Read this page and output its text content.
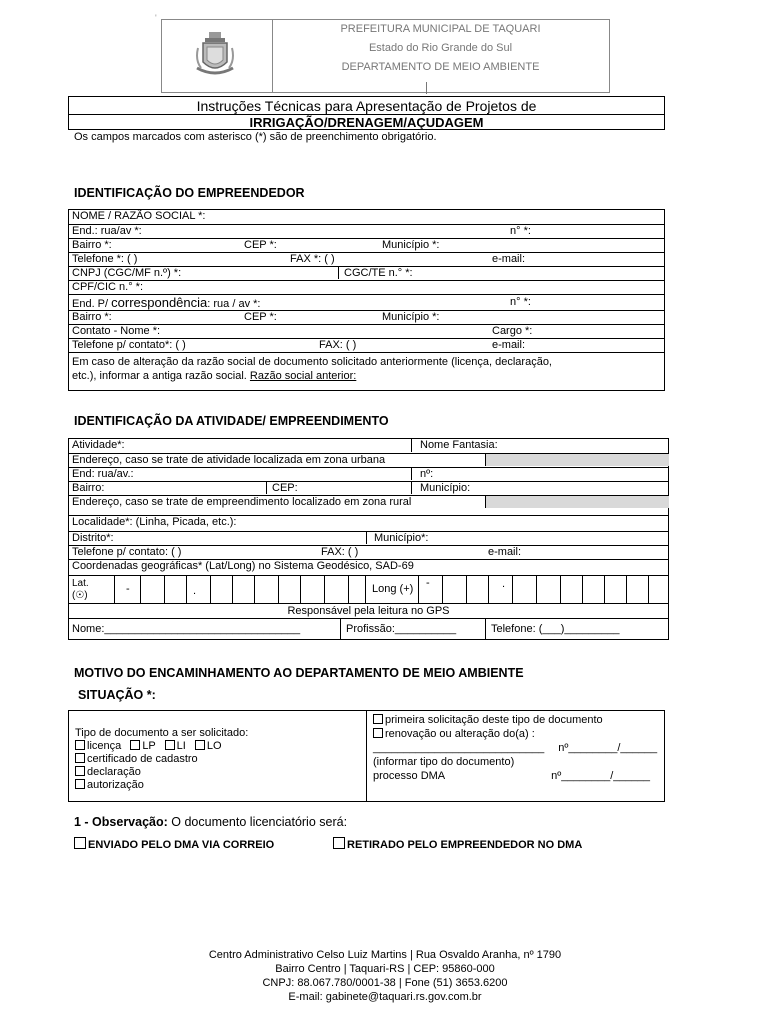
'
PREFEITURA MUNICIPAL DE TAQUARI
Estado do Rio Grande do Sul
DEPARTAMENTO DE MEIO AMBIENTE
Instruções Técnicas para Apresentação de Projetos de
IRRIGAÇÃO/DRENAGEM/AÇUDAGEM
Os campos marcados com asterisco (*) são de preenchimento obrigatório.
IDENTIFICAÇÃO DO EMPREENDEDOR
NOME / RAZÃO SOCIAL *:
End.: rua/av *:	n° *:
Bairro *:	CEP *:	Município *:
Telefone *: ( )	FAX *: ( )	e-mail:
CNPJ (CGC/MF n.º) *:	CGC/TE n.° *:
CPF/CIC n.° *:
End. P/ correspondência: rua / av *:	n° *:
Bairro *:	CEP *:	Município *:
Contato - Nome *:	Cargo *:
Telefone p/ contato*: ( )	FAX: ( )	e-mail:
Em caso de alteração da razão social de documento solicitado anteriormente (licença, declaração,
etc.), informar a antiga razão social. Razão social anterior:
IDENTIFICAÇÃO DA ATIVIDADE/ EMPREENDIMENTO
Atividade*:	Nome Fantasia:
Endereço, caso se trate de atividade localizada em zona urbana
End: rua/av.:	nº:
Bairro:	CEP:	Município:
Endereço, caso se trate de empreendimento localizado em zona rural
Localidade*: (Linha, Picada, etc.):
Distrito*:	Município*:
Telefone p/ contato: ( )	FAX: ( )	e-mail:
Coordenadas geográficas* (Lat/Long) no Sistema Geodésico, SAD-69
Lat.
(☉)
-	.	Long (+) -	.
Responsável pela leitura no GPS
Nome:________________________________	Profissão:__________	Telefone: (___)_________
MOTIVO DO ENCAMINHAMENTO AO DEPARTAMENTO DE MEIO AMBIENTE
SITUAÇÃO *:
Tipo de documento a ser solicitado:
licença LP LI LO
certificado de cadastro
declaração
autorização
primeira solicitação deste tipo de documento
renovação ou alteração do(a) :
____________________________ nº________/______
(informar tipo do documento)
processo DMA	nº________/______
1 - Observação: O documento licenciatório será:
ENVIADO PELO DMA VIA CORREIO	RETIRADO PELO EMPREENDEDOR NO DMA
Centro Administrativo Celso Luiz Martins | Rua Osvaldo Aranha, nº 1790
Bairro Centro | Taquari-RS | CEP: 95860-000
CNPJ: 88.067.780/0001-38 | Fone (51) 3653.6200
E-mail: gabinete@taquari.rs.gov.com.br
